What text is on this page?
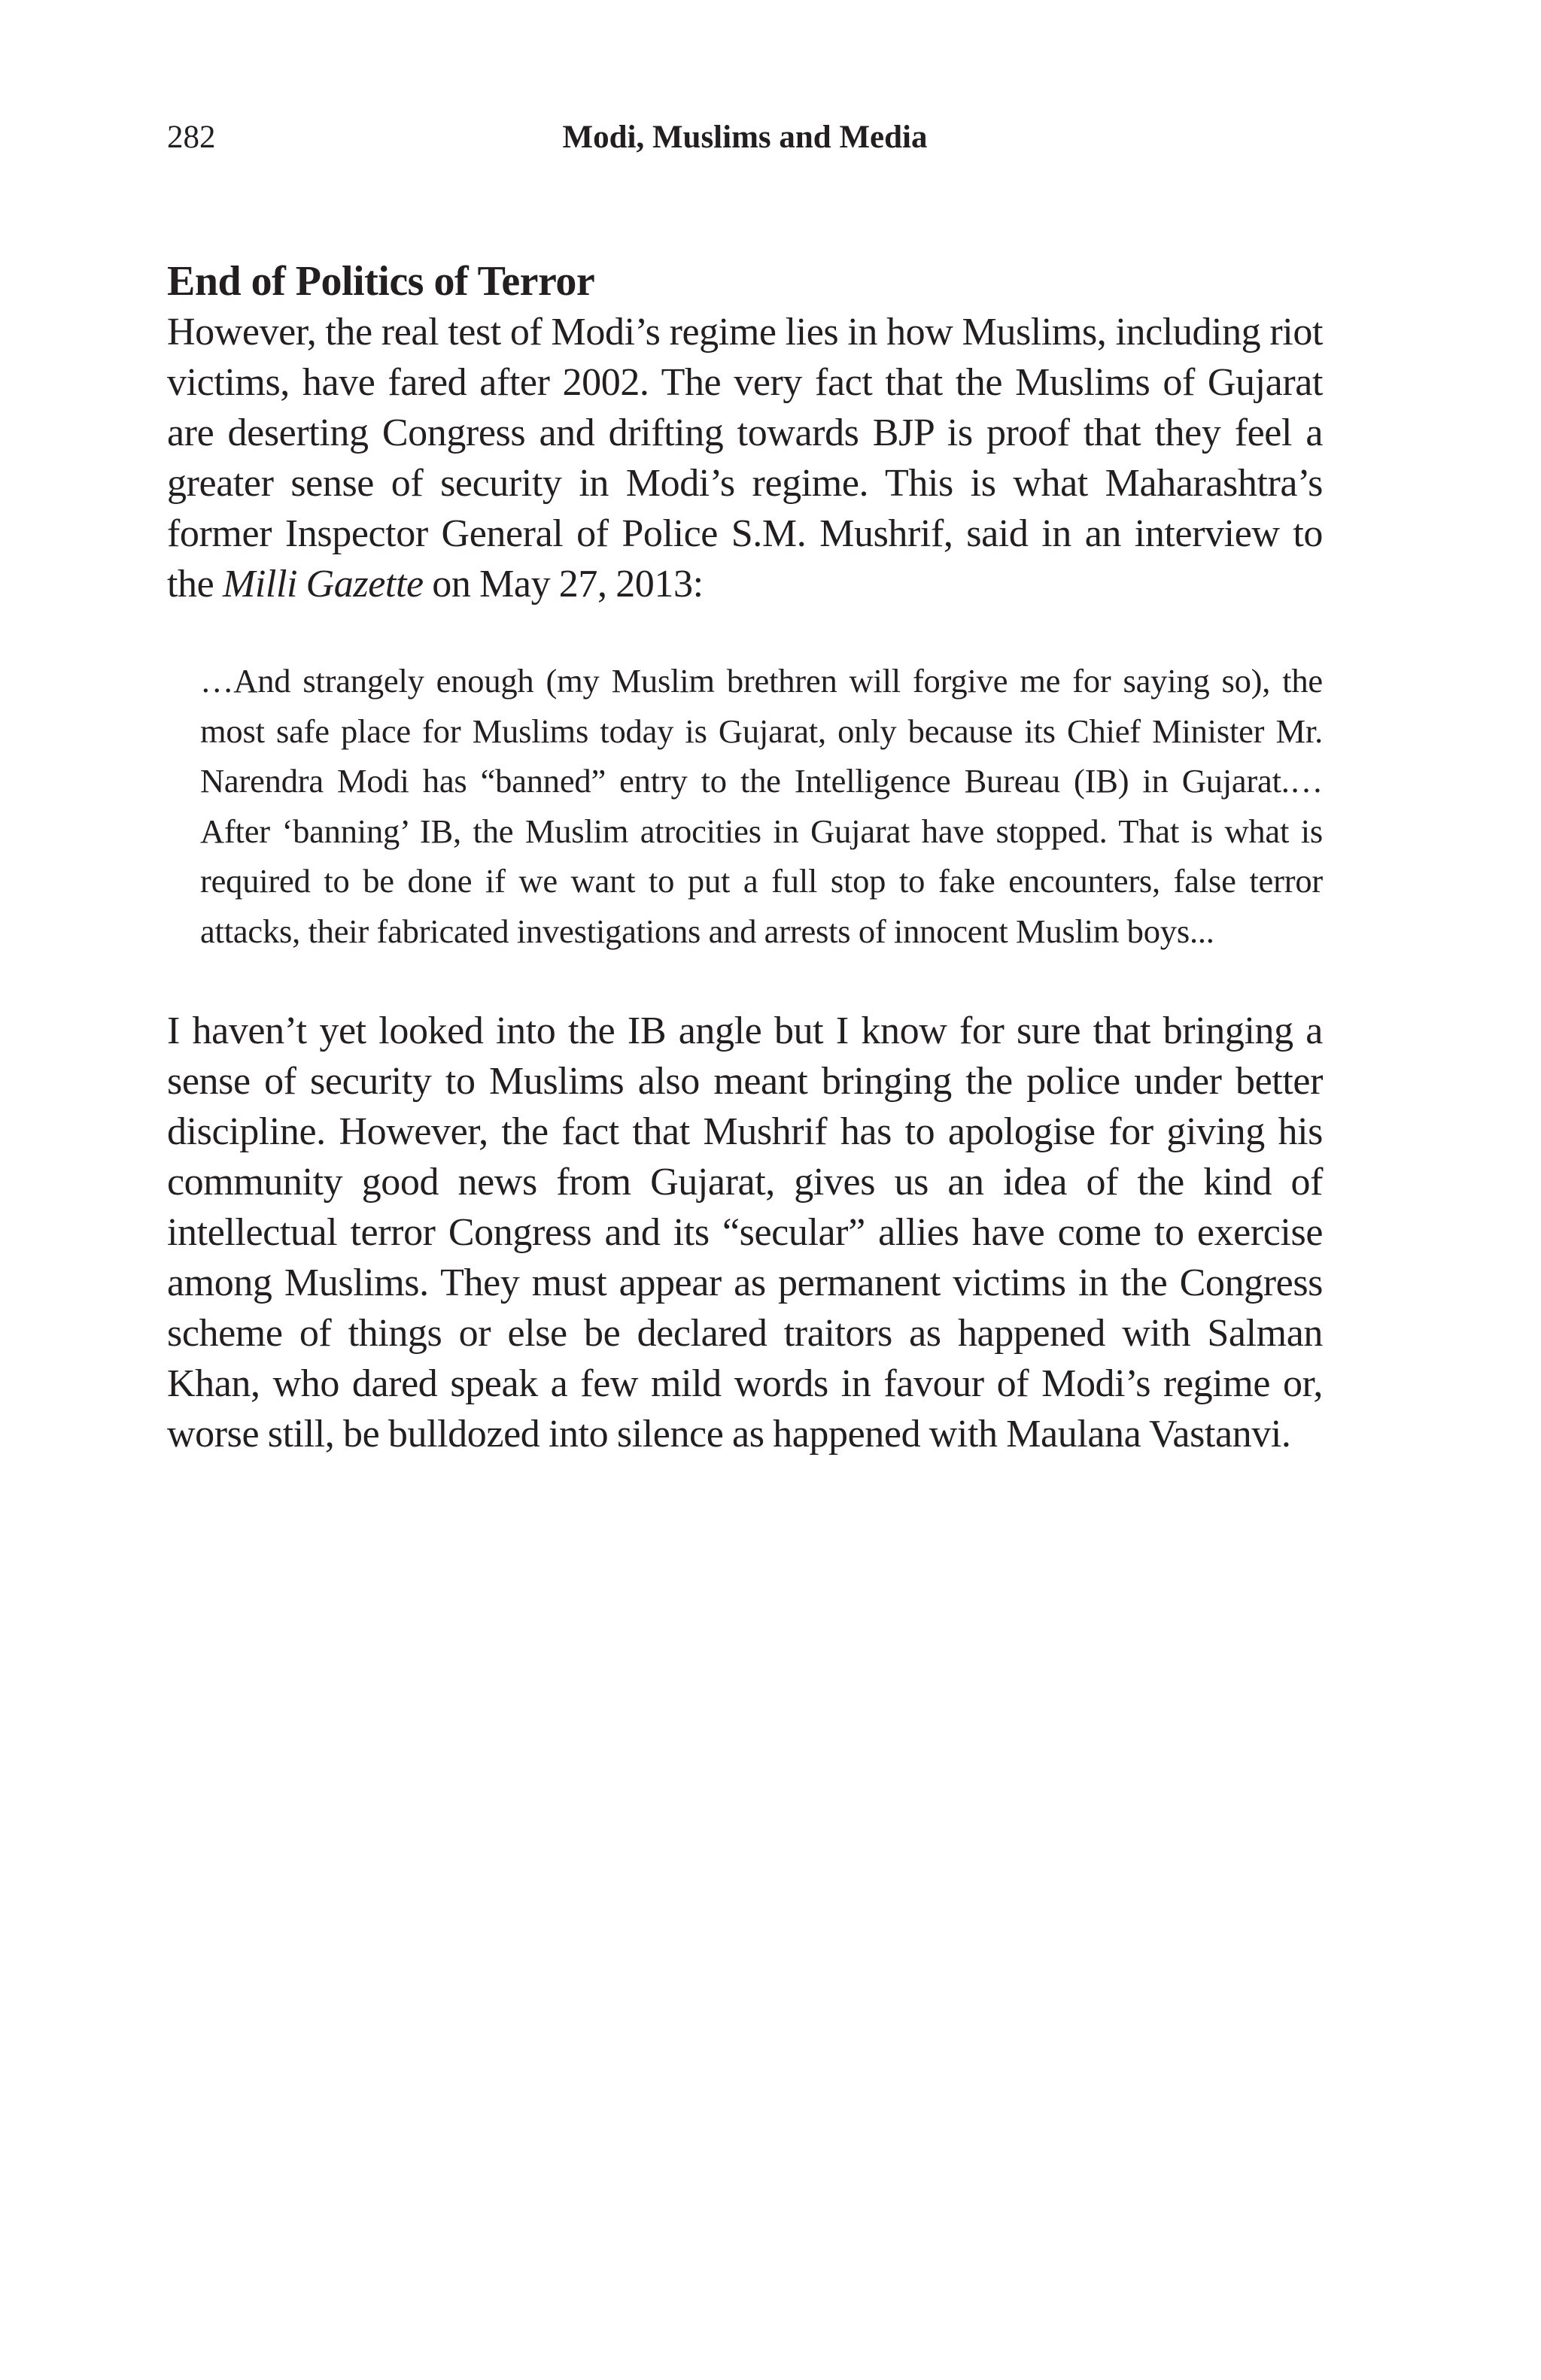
282	Modi, Muslims and Media
End of Politics of Terror

However, the real test of Modi’s regime lies in how Muslims, including riot victims, have fared after 2002. The very fact that the Muslims of Gujarat are deserting Congress and drifting towards BJP is proof that they feel a greater sense of security in Modi’s regime. This is what Maharashtra’s former Inspector General of Police S.M. Mushrif, said in an interview to the Milli Gazette on May 27, 2013:

…And strangely enough (my Muslim brethren will forgive me for saying so), the most safe place for Muslims today is Gujarat, only because its Chief Minister Mr. Narendra Modi has “banned” entry to the Intelligence Bureau (IB) in Gujarat.…After ‘banning’ IB, the Muslim atrocities in Gujarat have stopped. That is what is required to be done if we want to put a full stop to fake encounters, false terror attacks, their fabricated investigations and arrests of innocent Muslim boys...

I haven’t yet looked into the IB angle but I know for sure that bringing a sense of security to Muslims also meant bringing the police under better discipline. However, the fact that Mushrif has to apologise for giving his community good news from Gujarat, gives us an idea of the kind of intellectual terror Congress and its “secular” allies have come to exercise among Muslims. They must appear as permanent victims in the Congress scheme of things or else be declared traitors as happened with Salman Khan, who dared speak a few mild words in favour of Modi’s regime or, worse still, be bulldozed into silence as happened with Maulana Vastanvi.
